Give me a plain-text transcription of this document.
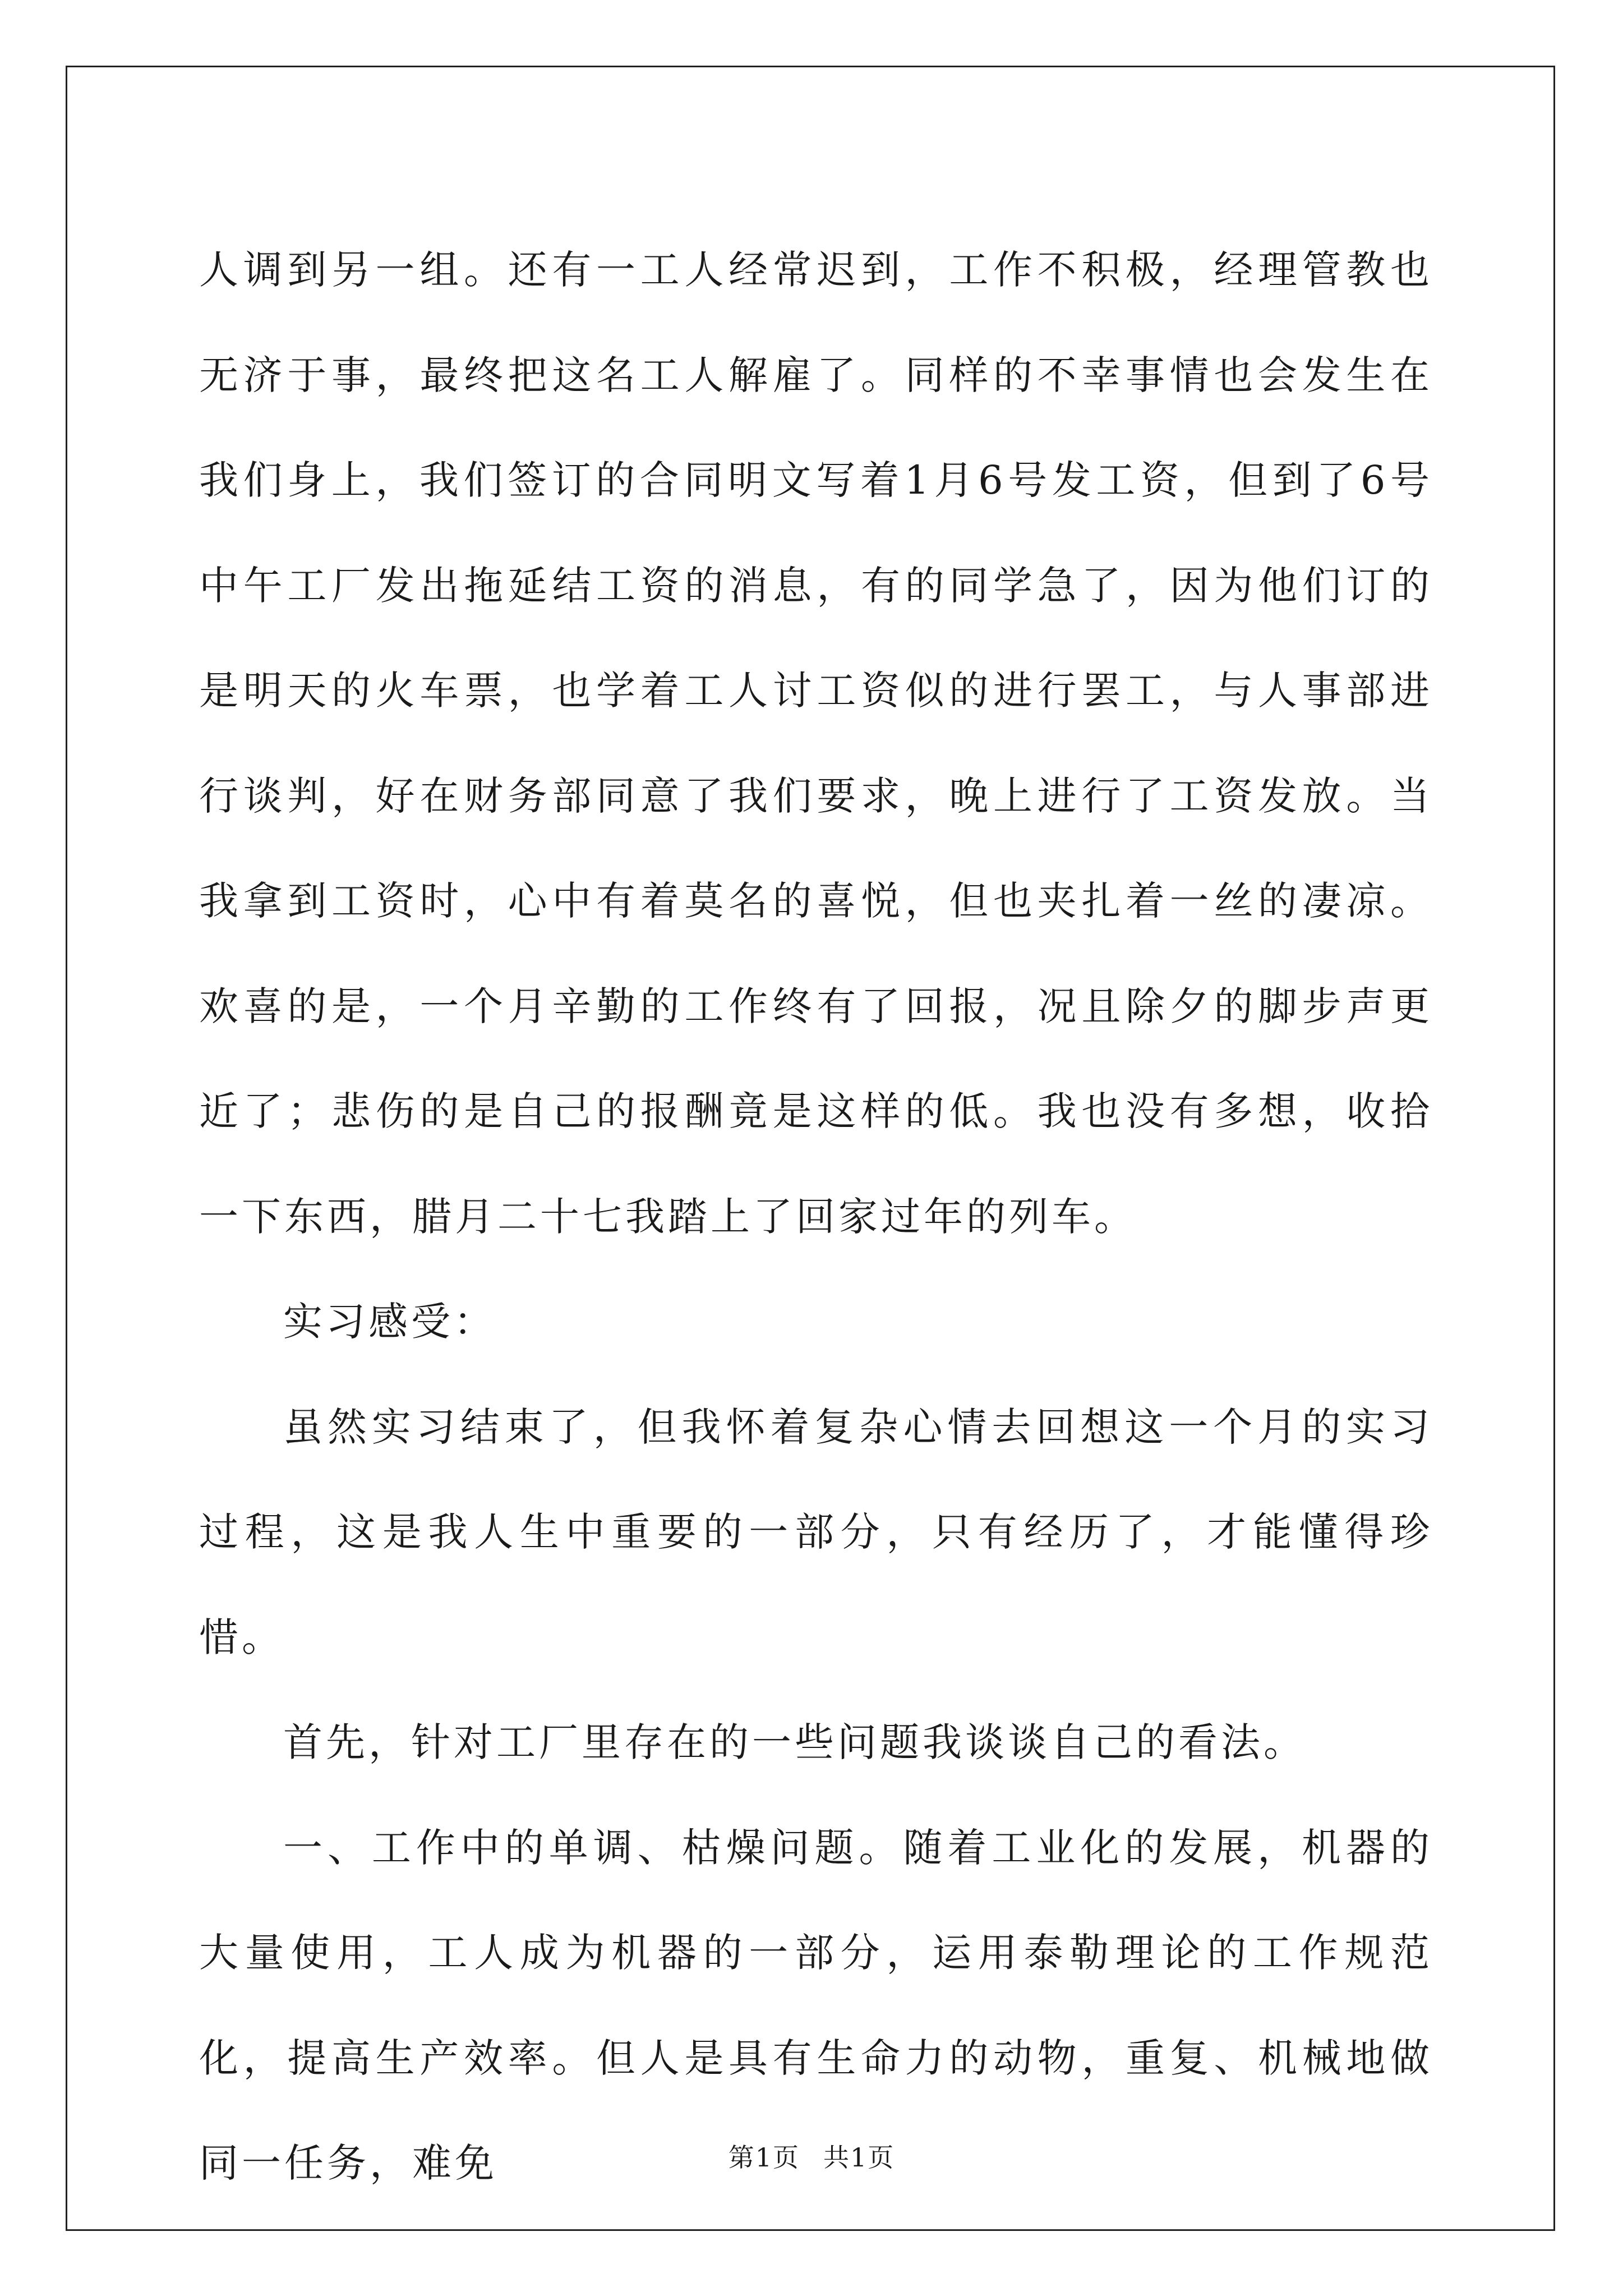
人调到另一组。还有一工人经常迟到，工作不积极，经理管教也无济于事，最终把这名工人解雇了。同样的不幸事情也会发生在我们身上，我们签订的合同明文写着1月6号发工资，但到了6号中午工厂发出拖延结工资的消息，有的同学急了，因为他们订的是明天的火车票，也学着工人讨工资似的进行罢工，与人事部进行谈判，好在财务部同意了我们要求，晚上进行了工资发放。当我拿到工资时，心中有着莫名的喜悦，但也夹扎着一丝的凄凉。欢喜的是，一个月辛勤的工作终有了回报，况且除夕的脚步声更近了；悲伤的是自己的报酬竟是这样的低。我也没有多想，收拾一下东西，腊月二十七我踏上了回家过年的列车。

实习感受：

虽然实习结束了，但我怀着复杂心情去回想这一个月的实习过程，这是我人生中重要的一部分，只有经历了，才能懂得珍惜。

首先，针对工厂里存在的一些问题我谈谈自己的看法。

一、工作中的单调、枯燥问题。随着工业化的发展，机器的大量使用，工人成为机器的一部分，运用泰勒理论的工作规范化，提高生产效率。但人是具有生命力的动物，重复、机械地做同一任务，难免	第1页 共1页
